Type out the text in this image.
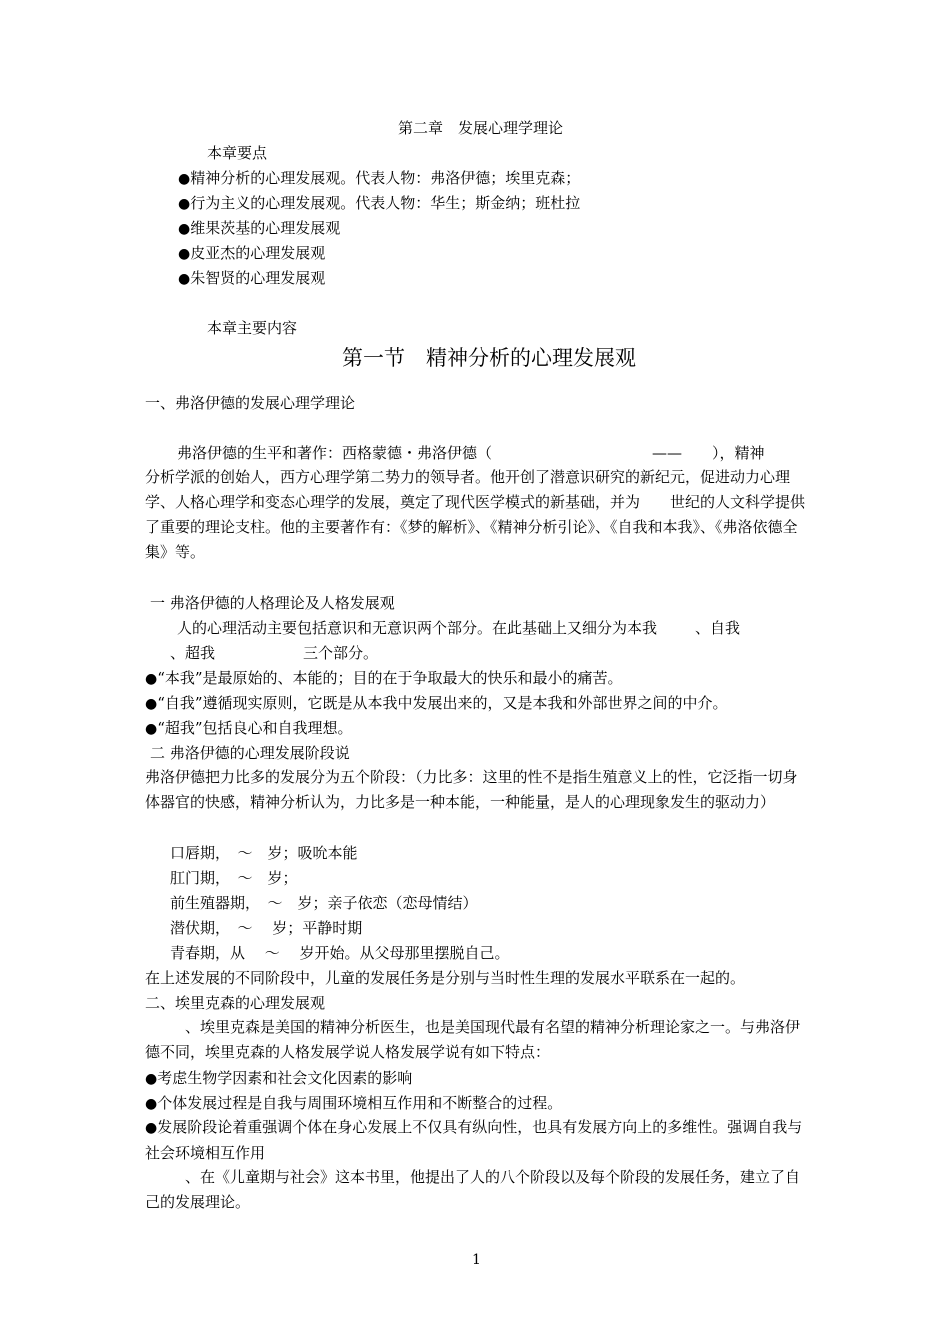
第二章　发展心理学理论
本章要点
●精神分析的心理发展观。代表人物：弗洛伊德；埃里克森；
●行为主义的心理发展观。代表人物：华生；斯金纳；班杜拉
●维果茨基的心理发展观
●皮亚杰的心理发展观
●朱智贤的心理发展观
本章主要内容
第一节　精神分析的心理发展观
一、弗洛伊德的发展心理学理论
弗洛伊德的生平和著作：西格蒙德・弗洛伊德（	—— ），精神
分析学派的创始人，西方心理学第二势力的领导者。他开创了潜意识研究的新纪元，促进动力心理学、人格心理学和变态心理学的发展，奠定了现代医学模式的新基础，并为　　世纪的人文科学提供了重要的理论支柱。他的主要著作有：《梦的解析》、《精神分析引论》、《自我和本我》、《弗洛依德全集》等。
一 弗洛伊德的人格理论及人格发展观
人的心理活动主要包括意识和无意识两个部分。在此基础上又细分为本我	、自我
、超我	三个部分。
●“本我”是最原始的、本能的；目的在于争取最大的快乐和最小的痛苦。
●“自我”遵循现实原则，它既是从本我中发展出来的，又是本我和外部世界之间的中介。
●“超我”包括良心和自我理想。
二 弗洛伊德的心理发展阶段说
弗洛伊德把力比多的发展分为五个阶段：（力比多：这里的性不是指生殖意义上的性，它泛指一切身体器官的快感，精神分析认为，力比多是一种本能，一种能量，是人的心理现象发生的驱动力）
口唇期，　～　岁；吸吮本能
肛门期，　～　岁；
前生殖器期，　～　岁；亲子依恋（恋母情结）
潜伏期，　～　 岁；平静时期
青春期，从　 ～　 岁开始。从父母那里摆脱自己。
在上述发展的不同阶段中，儿童的发展任务是分别与当时性生理的发展水平联系在一起的。
二、埃里克森的心理发展观
、埃里克森是美国的精神分析医生，也是美国现代最有名望的精神分析理论家之一。与弗洛伊德不同，埃里克森的人格发展学说人格发展学说有如下特点：
●考虑生物学因素和社会文化因素的影响
●个体发展过程是自我与周围环境相互作用和不断整合的过程。
●发展阶段论着重强调个体在身心发展上不仅具有纵向性，也具有发展方向上的多维性。强调自我与社会环境相互作用
、在《儿童期与社会》这本书里，他提出了人的八个阶段以及每个阶段的发展任务，建立了自己的发展理论。
1
